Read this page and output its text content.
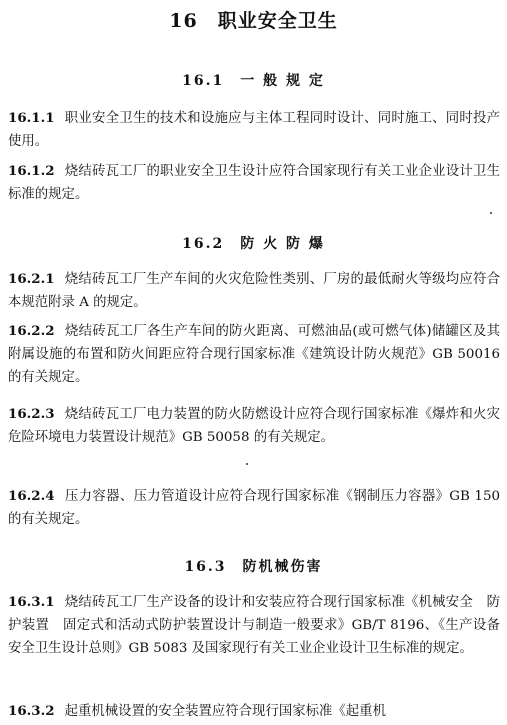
16　职业安全卫生
16.1　一 般 规 定

16.1.1 职业安全卫生的技术和设施应与主体工程同时设计、同时施工、同时投产使用。

16.1.2 烧结砖瓦工厂的职业安全卫生设计应符合国家现行有关工业企业设计卫生标准的规定。

16.2　防 火 防 爆

16.2.1 烧结砖瓦工厂生产车间的火灾危险性类别、厂房的最低耐火等级均应符合本规范附录 A 的规定。

16.2.2 烧结砖瓦工厂各生产车间的防火距离、可燃油品(或可燃气体)储罐区及其附属设施的布置和防火间距应符合现行国家标准《建筑设计防火规范》GB 50016 的有关规定。

16.2.3 烧结砖瓦工厂电力装置的防火防燃设计应符合现行国家标准《爆炸和火灾危险环境电力装置设计规范》GB 50058 的有关规定。

16.2.4 压力容器、压力管道设计应符合现行国家标准《钢制压力容器》GB 150 的有关规定。

16.3　防机械伤害

16.3.1 烧结砖瓦工厂生产设备的设计和安装应符合现行国家标准《机械安全　防护装置　固定式和活动式防护装置设计与制造一般要求》GB/T 8196、《生产设备安全卫生设计总则》GB 5083 及国家现行有关工业企业设计卫生标准的规定。

16.3.2 起重机械设置的安全装置应符合现行国家标准《起重机
